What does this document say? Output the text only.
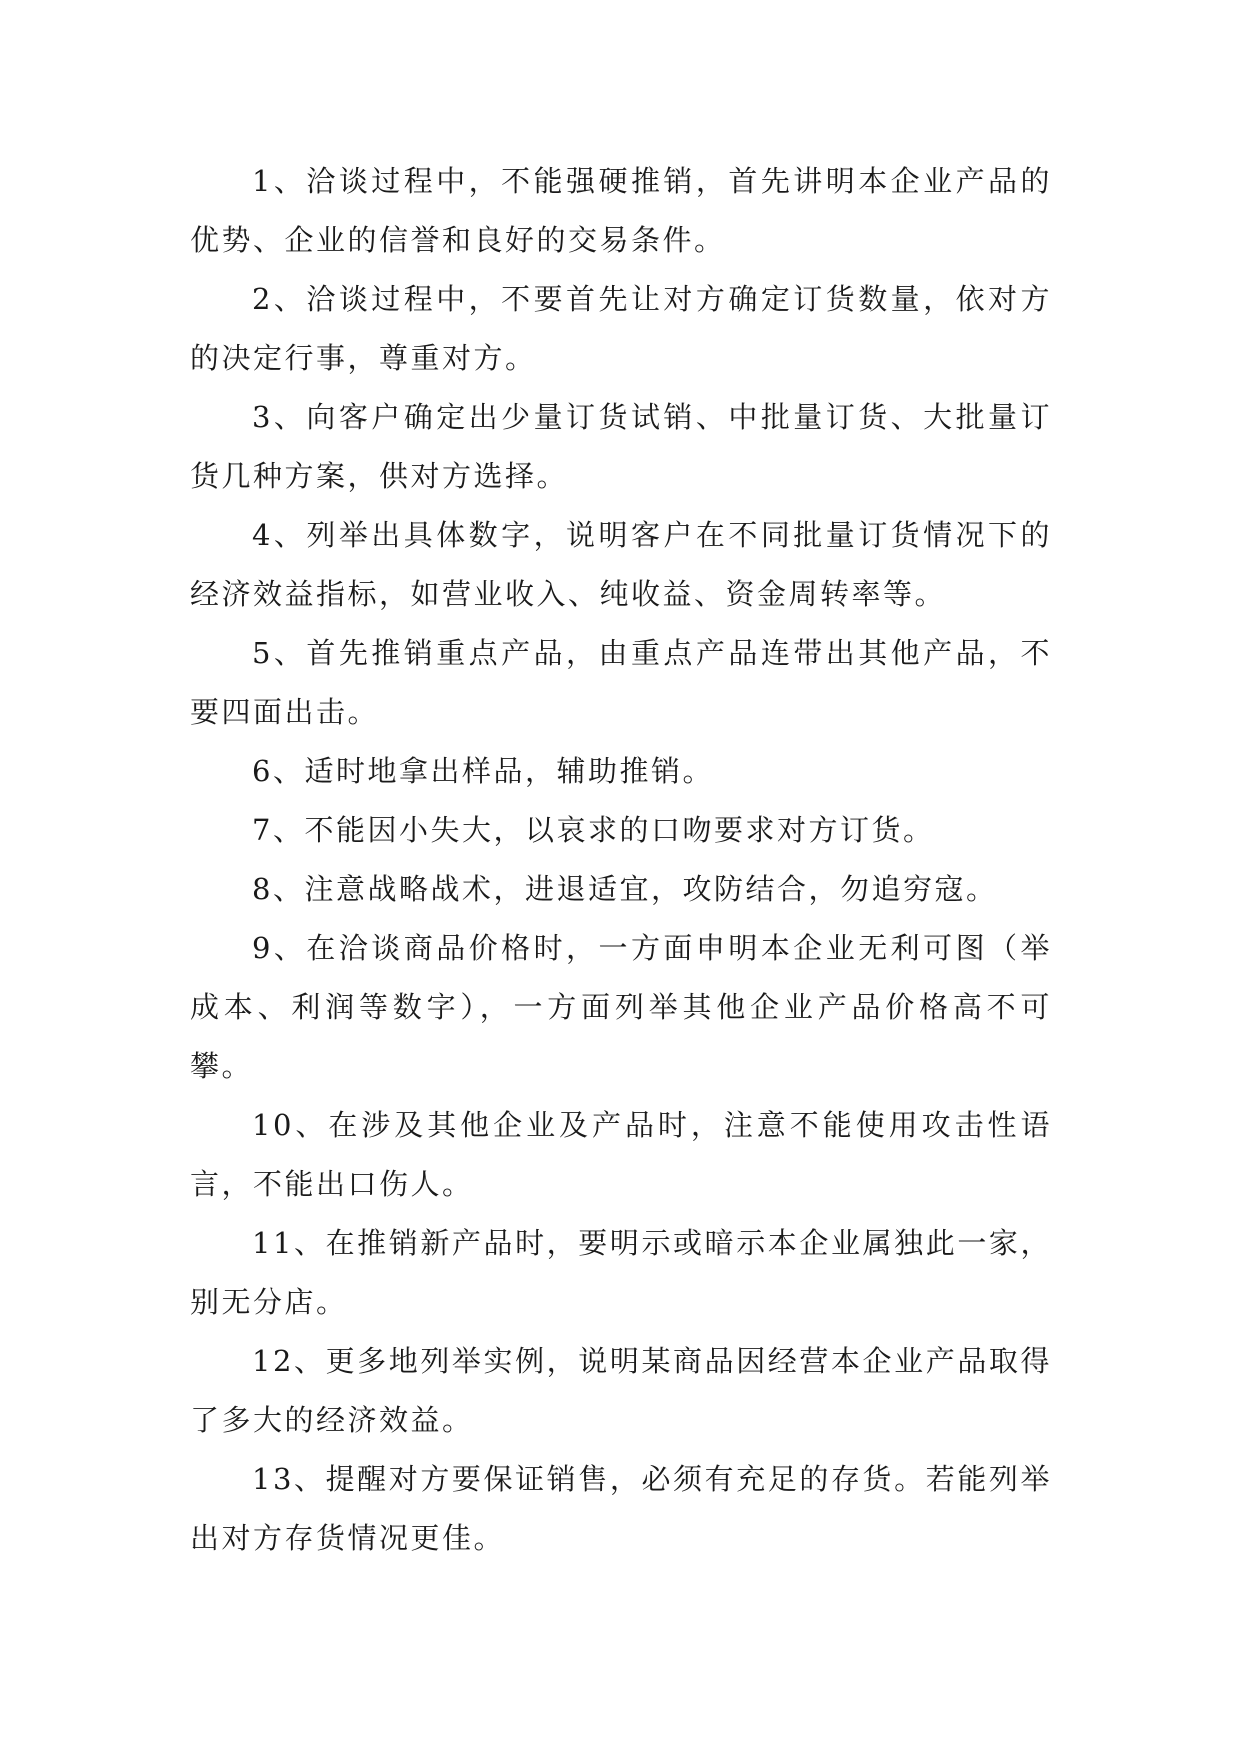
1、洽谈过程中，不能强硬推销，首先讲明本企业产品的优势、企业的信誉和良好的交易条件。

2、洽谈过程中，不要首先让对方确定订货数量，依对方的决定行事，尊重对方。

3、向客户确定出少量订货试销、中批量订货、大批量订货几种方案，供对方选择。

4、列举出具体数字，说明客户在不同批量订货情况下的经济效益指标，如营业收入、纯收益、资金周转率等。

5、首先推销重点产品，由重点产品连带出其他产品，不要四面出击。

6、适时地拿出样品，辅助推销。

7、不能因小失大，以哀求的口吻要求对方订货。

8、注意战略战术，进退适宜，攻防结合，勿追穷寇。

9、在洽谈商品价格时，一方面申明本企业无利可图（举成本、利润等数字），一方面列举其他企业产品价格高不可攀。

10、在涉及其他企业及产品时，注意不能使用攻击性语言，不能出口伤人。

11、在推销新产品时，要明示或暗示本企业属独此一家，别无分店。

12、更多地列举实例，说明某商品因经营本企业产品取得了多大的经济效益。

13、提醒对方要保证销售，必须有充足的存货。若能列举出对方存货情况更佳。
